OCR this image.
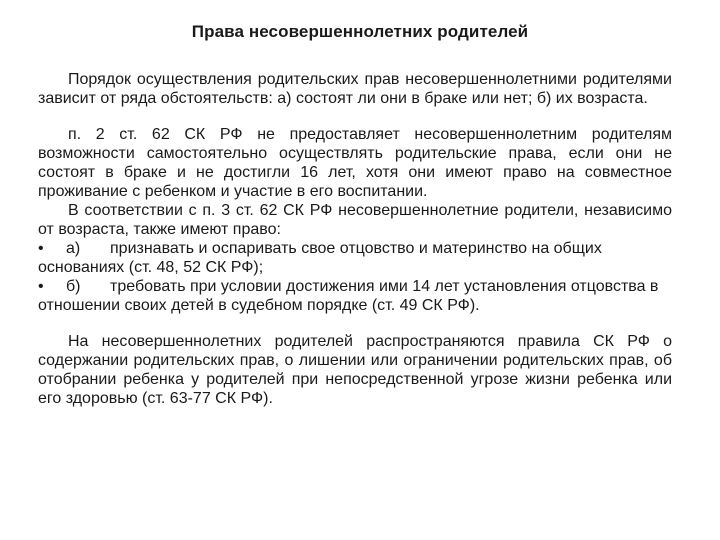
Права несовершеннолетних родителей

Порядок осуществления родительских прав несовершеннолетними родителями зависит от ряда обстоятельств: а) состоят ли они в браке или нет; б) их возраста.

п. 2 ст. 62 СК РФ не предоставляет несовершеннолетним родителям возможности самостоятельно осуществлять родительские права, если они не состоят в браке и не достигли 16 лет, хотя они имеют право на совместное проживание с ребенком и участие в его воспитании.

В соответствии с п. 3 ст. 62 СК РФ несовершеннолетние родители, независимо от возраста, также имеют право:

• а) признавать и оспаривать свое отцовство и материнство на общих основаниях (ст. 48, 52 СК РФ);

• б) требовать при условии достижения ими 14 лет установления отцовства в отношении своих детей в судебном порядке (ст. 49 СК РФ).

На несовершеннолетних родителей распространяются правила СК РФ о содержании родительских прав, о лишении или ограничении родительских прав, об отобрании ребенка у родителей при непосредственной угрозе жизни ребенка или его здоровью (ст. 63-77 СК РФ).
